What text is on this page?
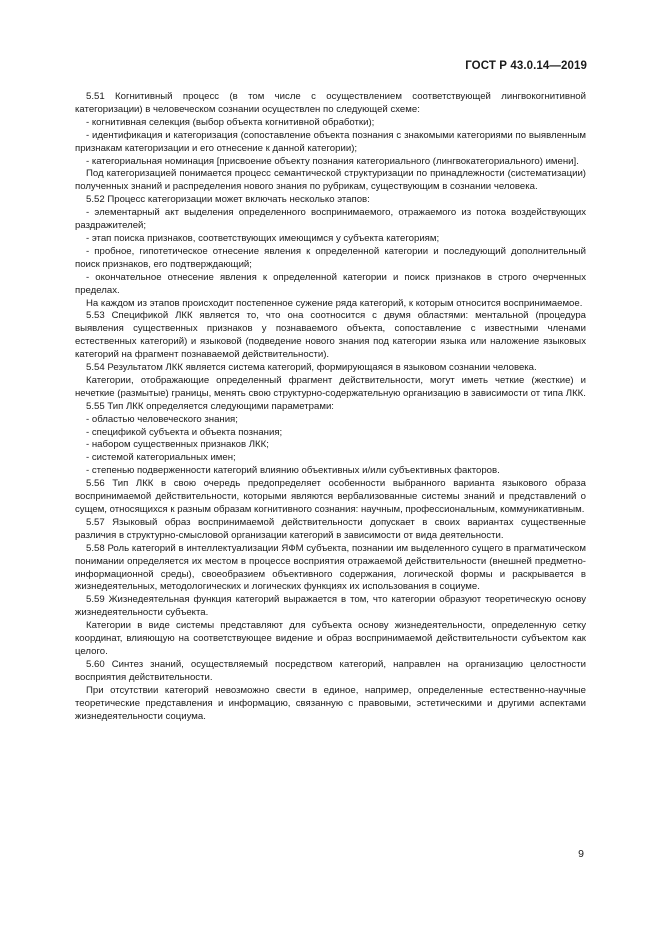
ГОСТ Р 43.0.14—2019

5.51 Когнитивный процесс (в том числе с осуществлением соответствующей лингвокогнитивной категоризации) в человеческом сознании осуществлен по следующей схеме:

- когнитивная селекция (выбор объекта когнитивной обработки);

- идентификация и категоризация (сопоставление объекта познания с знакомыми категориями по выявленным признакам категоризации и его отнесение к данной категории);

- категориальная номинация [присвоение объекту познания категориального (лингвокатегориального) имени].

Под категоризацией понимается процесс семантической структуризации по принадлежности (систематизации) полученных знаний и распределения нового знания по рубрикам, существующим в сознании человека.

5.52 Процесс категоризации может включать несколько этапов:

- элементарный акт выделения определенного воспринимаемого, отражаемого из потока воздействующих раздражителей;

- этап поиска признаков, соответствующих имеющимся у субъекта категориям;

- пробное, гипотетическое отнесение явления к определенной категории и последующий дополнительный поиск признаков, его подтверждающий;

- окончательное отнесение явления к определенной категории и поиск признаков в строго очерченных пределах.

На каждом из этапов происходит постепенное сужение ряда категорий, к которым относится воспринимаемое.

5.53 Спецификой ЛКК является то, что она соотносится с двумя областями: ментальной (процедура выявления существенных признаков у познаваемого объекта, сопоставление с известными членами естественных категорий) и языковой (подведение нового знания под категории языка или наложение языковых категорий на фрагмент познаваемой действительности).

5.54 Результатом ЛКК является система категорий, формирующаяся в языковом сознании человека.

Категории, отображающие определенный фрагмент действительности, могут иметь четкие (жесткие) и нечеткие (размытые) границы, менять свою структурно-содержательную организацию в зависимости от типа ЛКК.

5.55 Тип ЛКК определяется следующими параметрами:

- областью человеческого знания;

- спецификой субъекта и объекта познания;

- набором существенных признаков ЛКК;

- системой категориальных имен;

- степенью подверженности категорий влиянию объективных и/или субъективных факторов.

5.56 Тип ЛКК в свою очередь предопределяет особенности выбранного варианта языкового образа воспринимаемой действительности, которыми являются вербализованные системы знаний и представлений о сущем, относящихся к разным образам когнитивного сознания: научным, профессиональным, коммуникативным.

5.57 Языковый образ воспринимаемой действительности допускает в своих вариантах существенные различия в структурно-смысловой организации категорий в зависимости от вида деятельности.

5.58 Роль категорий в интеллектуализации ЯФМ субъекта, познании им выделенного сущего в прагматическом понимании определяется их местом в процессе восприятия отражаемой действительности (внешней предметно-информационной среды), своеобразием объективного содержания, логической формы и раскрывается в жизнедеятельных, методологических и логических функциях их использования в социуме.

5.59 Жизнедеятельная функция категорий выражается в том, что категории образуют теоретическую основу жизнедеятельности субъекта.

Категории в виде системы представляют для субъекта основу жизнедеятельности, определенную сетку координат, влияющую на соответствующее видение и образ воспринимаемой действительности субъектом как целого.

5.60 Синтез знаний, осуществляемый посредством категорий, направлен на организацию целостности восприятия действительности.

При отсутствии категорий невозможно свести в единое, например, определенные естественно-научные теоретические представления и информацию, связанную с правовыми, эстетическими и другими аспектами жизнедеятельности социума.

9
